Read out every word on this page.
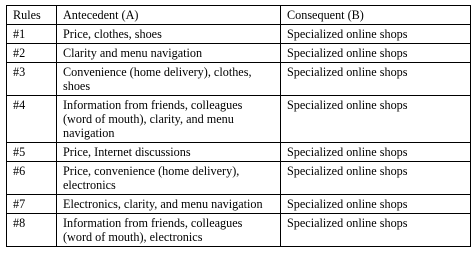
Rules	Antecedent (A)	Consequent (B)
#1	Price, clothes, shoes	Specialized online shops
#2	Clarity and menu navigation	Specialized online shops
#3	Convenience (home delivery), clothes, shoes	Specialized online shops
#4	Information from friends, colleagues (word of mouth), clarity, and menu navigation	Specialized online shops
#5	Price, Internet discussions	Specialized online shops
#6	Price, convenience (home delivery), electronics	Specialized online shops
#7	Electronics, clarity, and menu navigation	Specialized online shops
#8	Information from friends, colleagues (word of mouth), electronics	Specialized online shops
